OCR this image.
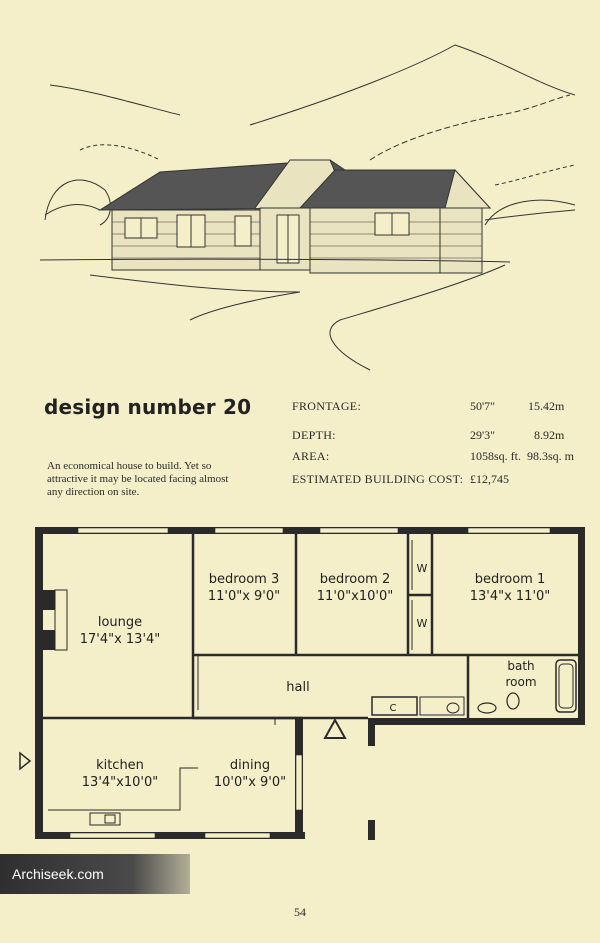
design number 20
An economical house to build. Yet so attractive it may be located facing almost any direction on site.
FRONTAGE:	50'7"	15.42m
DEPTH:	29'3"	8.92m
AREA:	1058sq. ft. 98.3sq. m
ESTIMATED BUILDING COST: £12,745
lounge
17'4"x 13'4"
bedroom 3
11'0"x 9'0"
bedroom 2
11'0"x10'0"
bedroom 1
13'4"x 11'0"
hall
bath room
kitchen
13'4"x10'0"
dining
10'0"x 9'0"
W
W
C
Archiseek.com
54
